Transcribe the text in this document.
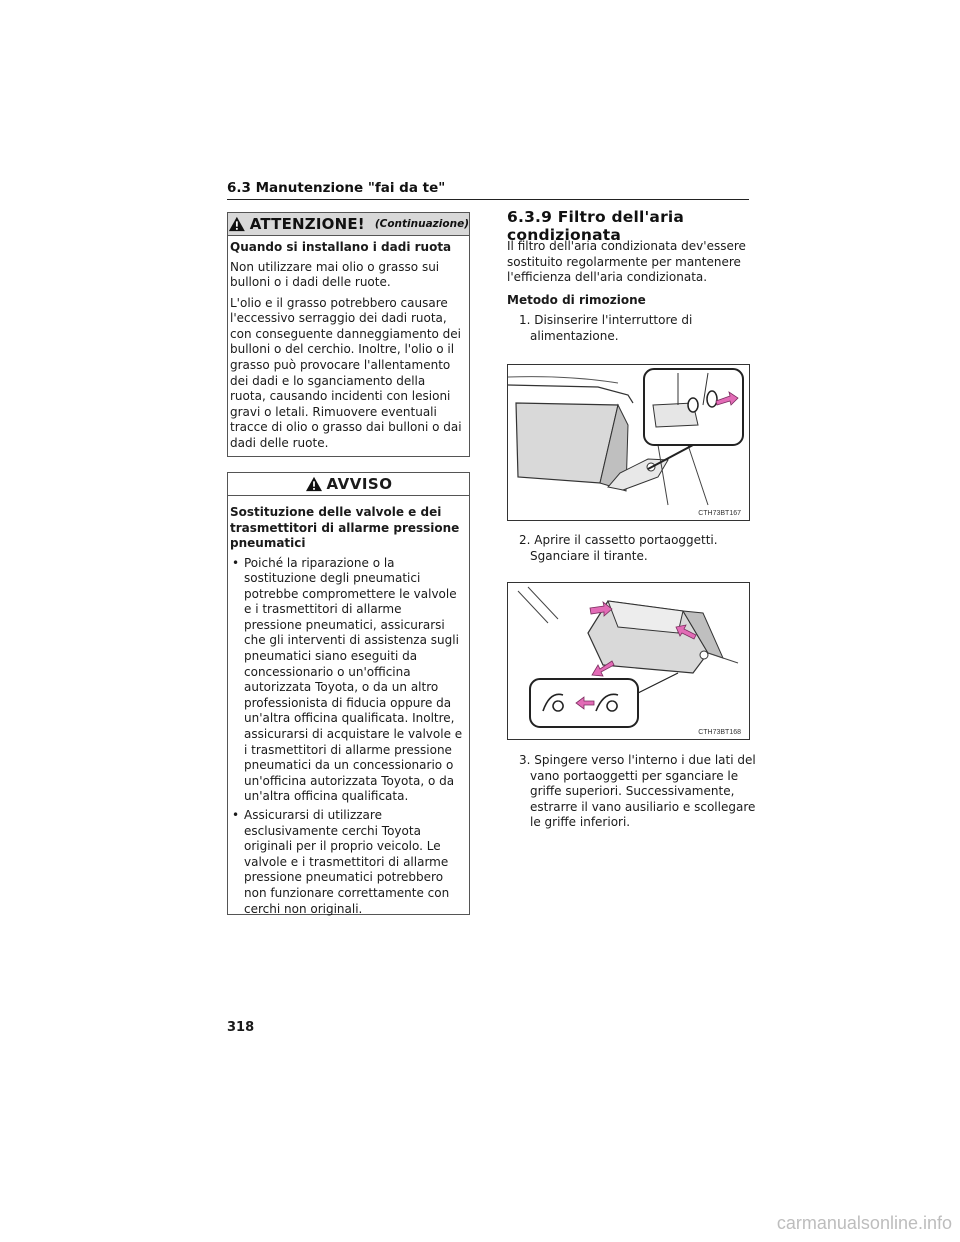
6.3 Manutenzione "fai da te"
ATTENZIONE! (Continuazione)
Quando si installano i dadi ruota
Non utilizzare mai olio o grasso sui bulloni o i dadi delle ruote.
L'olio e il grasso potrebbero causare l'eccessivo serraggio dei dadi ruota, con conseguente danneggiamento dei bulloni o del cerchio. Inoltre, l'olio o il grasso può provocare l'allentamento dei dadi e lo sganciamento della ruota, causando incidenti con lesioni gravi o letali. Rimuovere eventuali tracce di olio o grasso dai bulloni o dai dadi delle ruote.
AVVISO
Sostituzione delle valvole e dei trasmettitori di allarme pressione pneumatici
• Poiché la riparazione o la sostituzione degli pneumatici potrebbe compromettere le valvole e i trasmettitori di allarme pressione pneumatici, assicurarsi che gli interventi di assistenza sugli pneumatici siano eseguiti da concessionario o un'officina autorizzata Toyota, o da un altro professionista di fiducia oppure da un'altra officina qualificata. Inoltre, assicurarsi di acquistare le valvole e i trasmettitori di allarme pressione pneumatici da un concessionario o un'officina autorizzata Toyota, o da un'altra officina qualificata.
• Assicurarsi di utilizzare esclusivamente cerchi Toyota originali per il proprio veicolo. Le valvole e i trasmettitori di allarme pressione pneumatici potrebbero non funzionare correttamente con cerchi non originali.
6.3.9 Filtro dell'aria condizionata
Il filtro dell'aria condizionata dev'essere sostituito regolarmente per mantenere l'efficienza dell'aria condizionata.
Metodo di rimozione
1. Disinserire l'interruttore di alimentazione.
CTH73BT167
2. Aprire il cassetto portaoggetti. Sganciare il tirante.
CTH73BT168
3. Spingere verso l'interno i due lati del vano portaoggetti per sganciare le griffe superiori. Successivamente, estrarre il vano ausiliario e scollegare le griffe inferiori.
318
carmanualsonline.info
